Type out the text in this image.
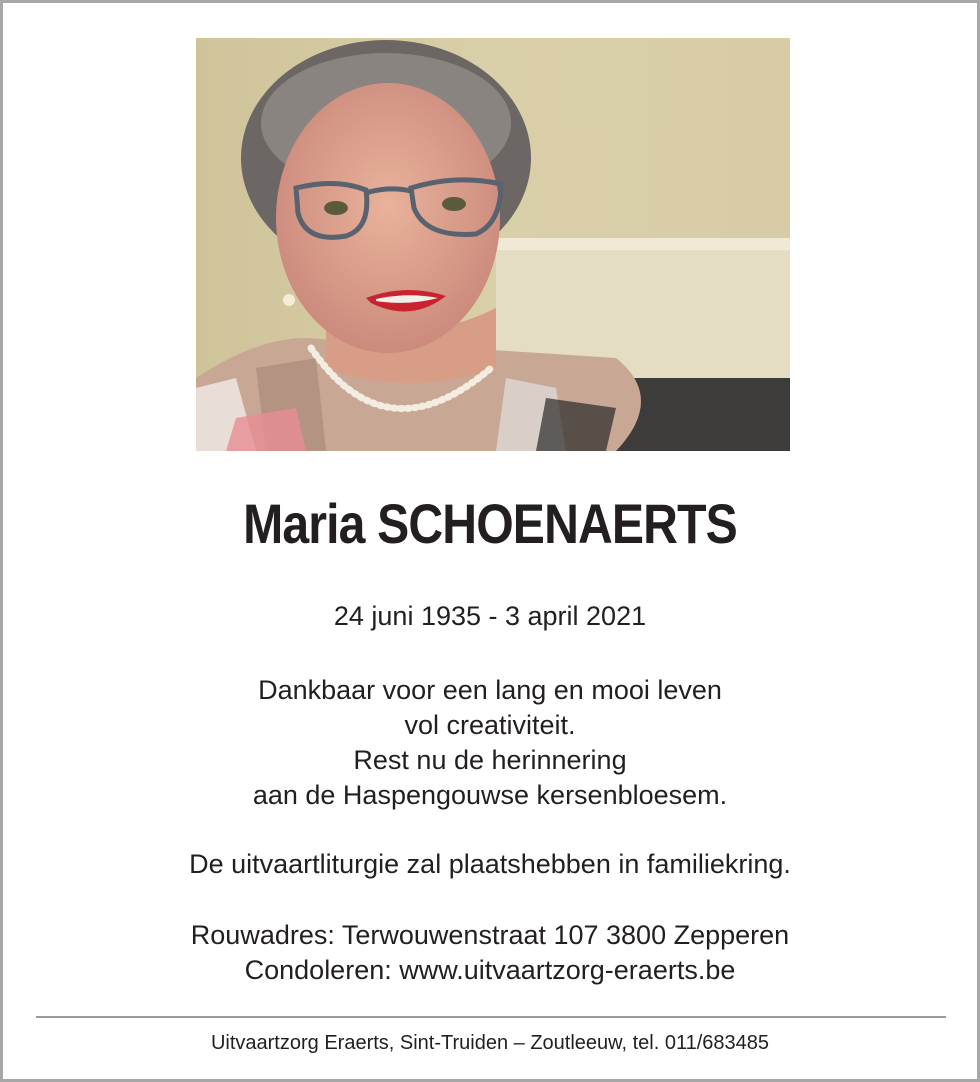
Maria SCHOENAERTS
24 juni 1935 - 3 april 2021
Dankbaar voor een lang en mooi leven
vol creativiteit.
Rest nu de herinnering
aan de Haspengouwse kersenbloesem.
De uitvaartliturgie zal plaatshebben in familiekring.
Rouwadres: Terwouwenstraat 107 3800 Zepperen
Condoleren: www.uitvaartzorg-eraerts.be
Uitvaartzorg Eraerts, Sint-Truiden – Zoutleeuw, tel. 011/683485
